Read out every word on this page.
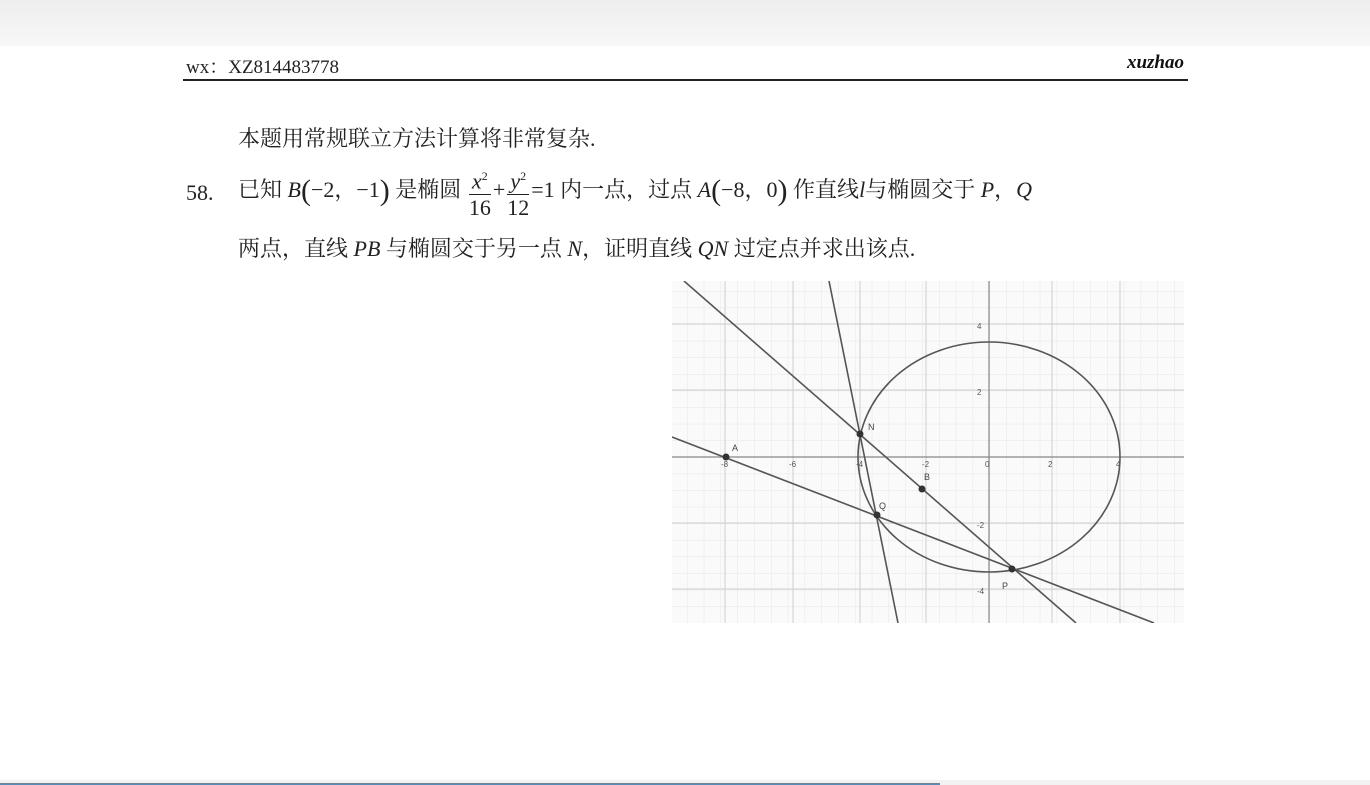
wx：XZ814483778	xuzhao
本题用常规联立方法计算将非常复杂.
58. 已知 B(−2，−1) 是椭圆 $\frac{x^2}{16} + \frac{y^2}{12} =1$ 内一点，过点 A(−8，0) 作直线l与椭圆交于 P，Q
两点，直线 PB 与椭圆交于另一点 N，证明直线 QN 过定点并求出该点.
-8	-6	-4	-2	0	2	4
4
2
-2
-4
A
N
B
Q
P
